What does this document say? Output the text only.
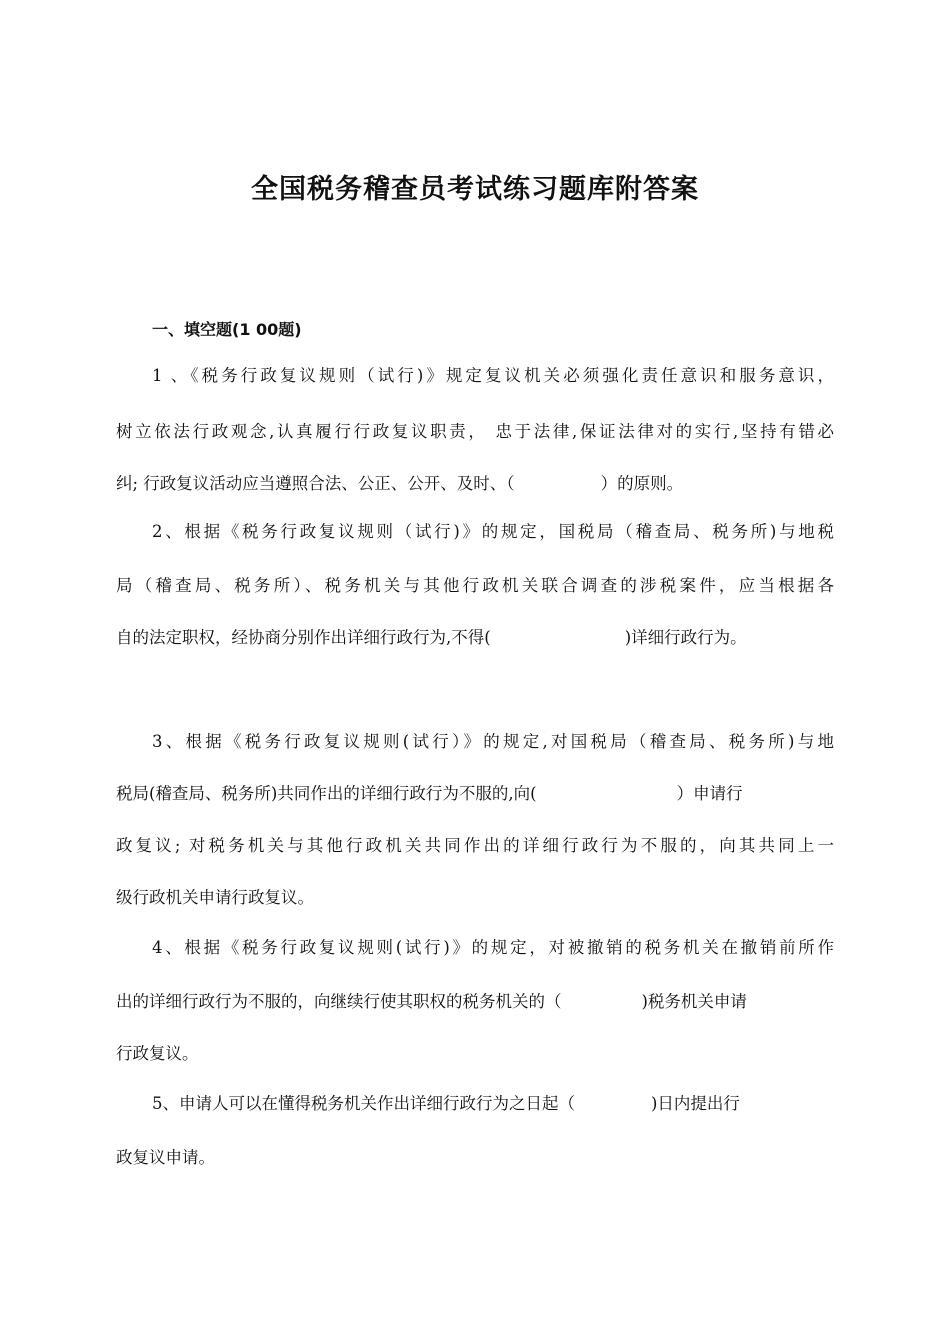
全国税务稽查员考试练习题库附答案
一、填空题(1 00题)
1 、《税务行政复议规则（试行)》规定复议机关必须强化责任意识和服务意识，
树立依法行政观念,认真履行行政复议职责， 忠于法律,保证法律对的实行,坚持有错必
纠; 行政复议活动应当遵照合法、公正、公开、及时、（	）的原则。
2、根据《税务行政复议规则（试行)》的规定，国税局（稽查局、税务所)与地税
局（稽查局、税务所）、税务机关与其他行政机关联合调查的涉税案件，应当根据各
自的法定职权，经协商分别作出详细行政行为,不得(	)详细行政行为。
3、根据《税务行政复议规则(试行）》的规定,对国税局（稽查局、税务所)与地
税局(稽查局、税务所)共同作出的详细行政行为不服的,向(	）申请行
政复议; 对税务机关与其他行政机关共同作出的详细行政行为不服的，向其共同上一
级行政机关申请行政复议。
4、根据《税务行政复议规则(试行)》的规定，对被撤销的税务机关在撤销前所作
出的详细行政行为不服的，向继续行使其职权的税务机关的（	)税务机关申请
行政复议。
5、申请人可以在懂得税务机关作出详细行政行为之日起（	)日内提出行
政复议申请。
